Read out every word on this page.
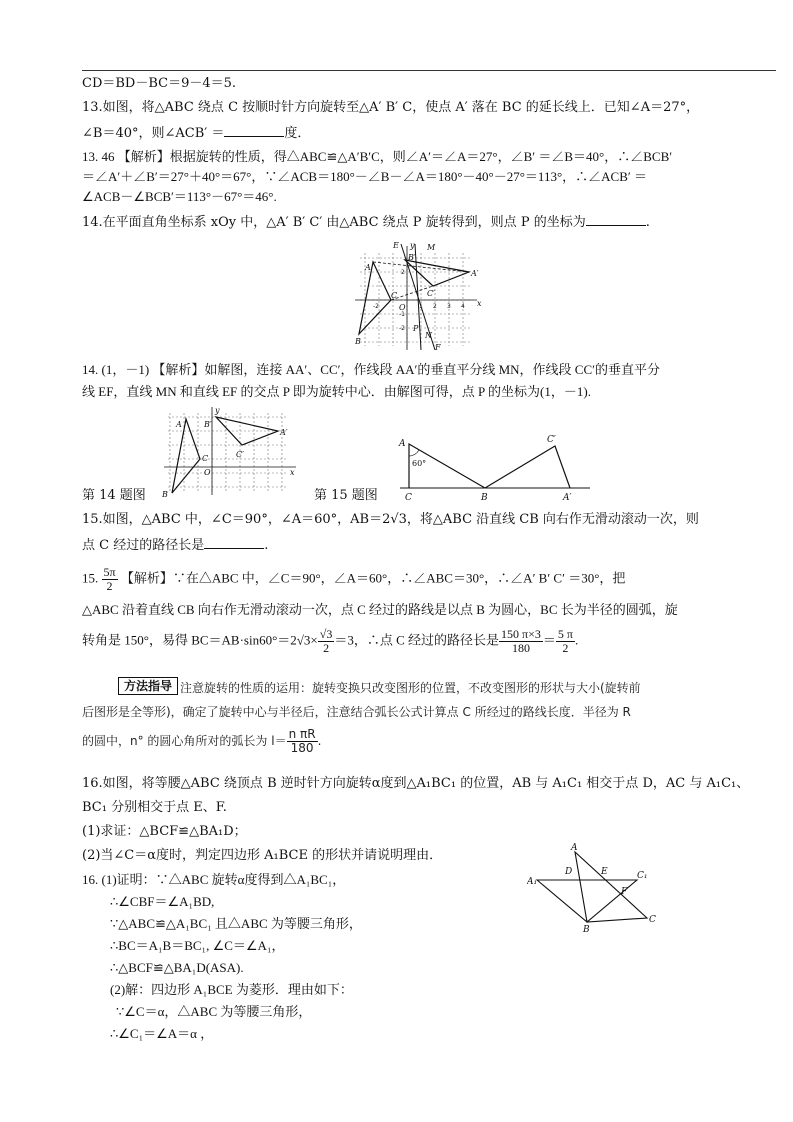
CD＝BD－BC＝9－4＝5.
13.如图，将△ABC 绕点 C 按顺时针方向旋转至△A′ B′ C，使点 A′ 落在 BC 的延长线上．已知∠A＝27°，
∠B＝40°，则∠ACB′ ＝	度．
13. 46 【解析】根据旋转的性质，得△ABC≌△A′B′C，则∠A′＝∠A＝27°，∠B′ ＝∠B＝40°，∴∠BCB′
＝∠A′＋∠B′＝27°＋40°＝67°，∵∠ACB＝180°－∠B－∠A＝180°－40°－27°＝113°，∴∠ACB′ ＝
∠ACB－∠BCB′＝113°－67°＝46°.
14.在平面直角坐标系 xOy 中，△A′ B′ C′ 由△ABC 绕点 P 旋转得到，则点 P 的坐标为	.
E	M
B′
A
A′
C	C′
O
B
P
N
F
x
y
2
-2	1 2 3 4
-1
-2
14. (1，－1) 【解析】如解图，连接 AA′、CC′，作线段 AA′的垂直平分线 MN，作线段 CC′的垂直平分
线 EF，直线 MN 和直线 EF 的交点 P 即为旋转中心．由解图可得，点 P 的坐标为(1，－1).
y
A	B′
A′
C	C′
O	x
B
A
60°
C	B
C′
A′
第 14 题图	第 15 题图
15.如图，△ABC 中，∠C＝90°，∠A＝60°，AB＝2√3，将△ABC 沿直线 CB 向右作无滑动滚动一次，则
点 C 经过的路径长是	.
15. $\frac{5\pi}{2}$ 【解析】∵在△ABC 中，∠C＝90°，∠A＝60°，∴∠ABC＝30°，∴∠A′ B′ C′ ＝30°，把
△ABC 沿着直线 CB 向右作无滑动滚动一次，点 C 经过的路线是以点 B 为圆心，BC 长为半径的圆弧，旋
转角是 150°，易得 $BC=AB\cdot\sin 60^\circ=2√3\times \frac{√3}{2} =3$，∴点 C 经过的路径长是 $\frac{150 \pi\times 3}{180} = \frac{5 \pi}{2}$ .
方法指导 注意旋转的性质的运用：旋转变换只改变图形的位置，不改变图形的形状与大小(旋转前
后图形是全等形)，确定了旋转中心与半径后，注意结合弧长公式计算点 C 所经过的路线长度．半径为 R
的圆中，n° 的圆心角所对的弧长为 $l= \frac{\text{n πR}}{180}$ .
16.如图，将等腰△ABC 绕顶点 B 逆时针方向旋转α度到△A₁BC₁ 的位置，AB 与 A₁C₁ 相交于点 D，AC 与 A₁C₁、
BC₁ 分别相交于点 E、F.
(1)求证：△BCF≌△BA₁D；
(2)当∠C＝α度时，判定四边形 A₁BCE 的形状并请说明理由．	A
A₁
D	E	C₁
F
B
C
16. (1)证明：∵△ABC 旋转α度得到△A₁BC₁，
∴∠CBF＝∠A₁BD,
∵△ABC≌△A₁BC₁ 且△ABC 为等腰三角形，
∴BC＝A₁B＝BC₁, ∠C＝∠A₁，
∴△BCF≌△BA₁D(ASA).
(2)解：四边形 A₁BCE 为菱形．理由如下：
∵∠C＝α，△ABC 为等腰三角形，
∴∠C₁＝∠A＝α ，
